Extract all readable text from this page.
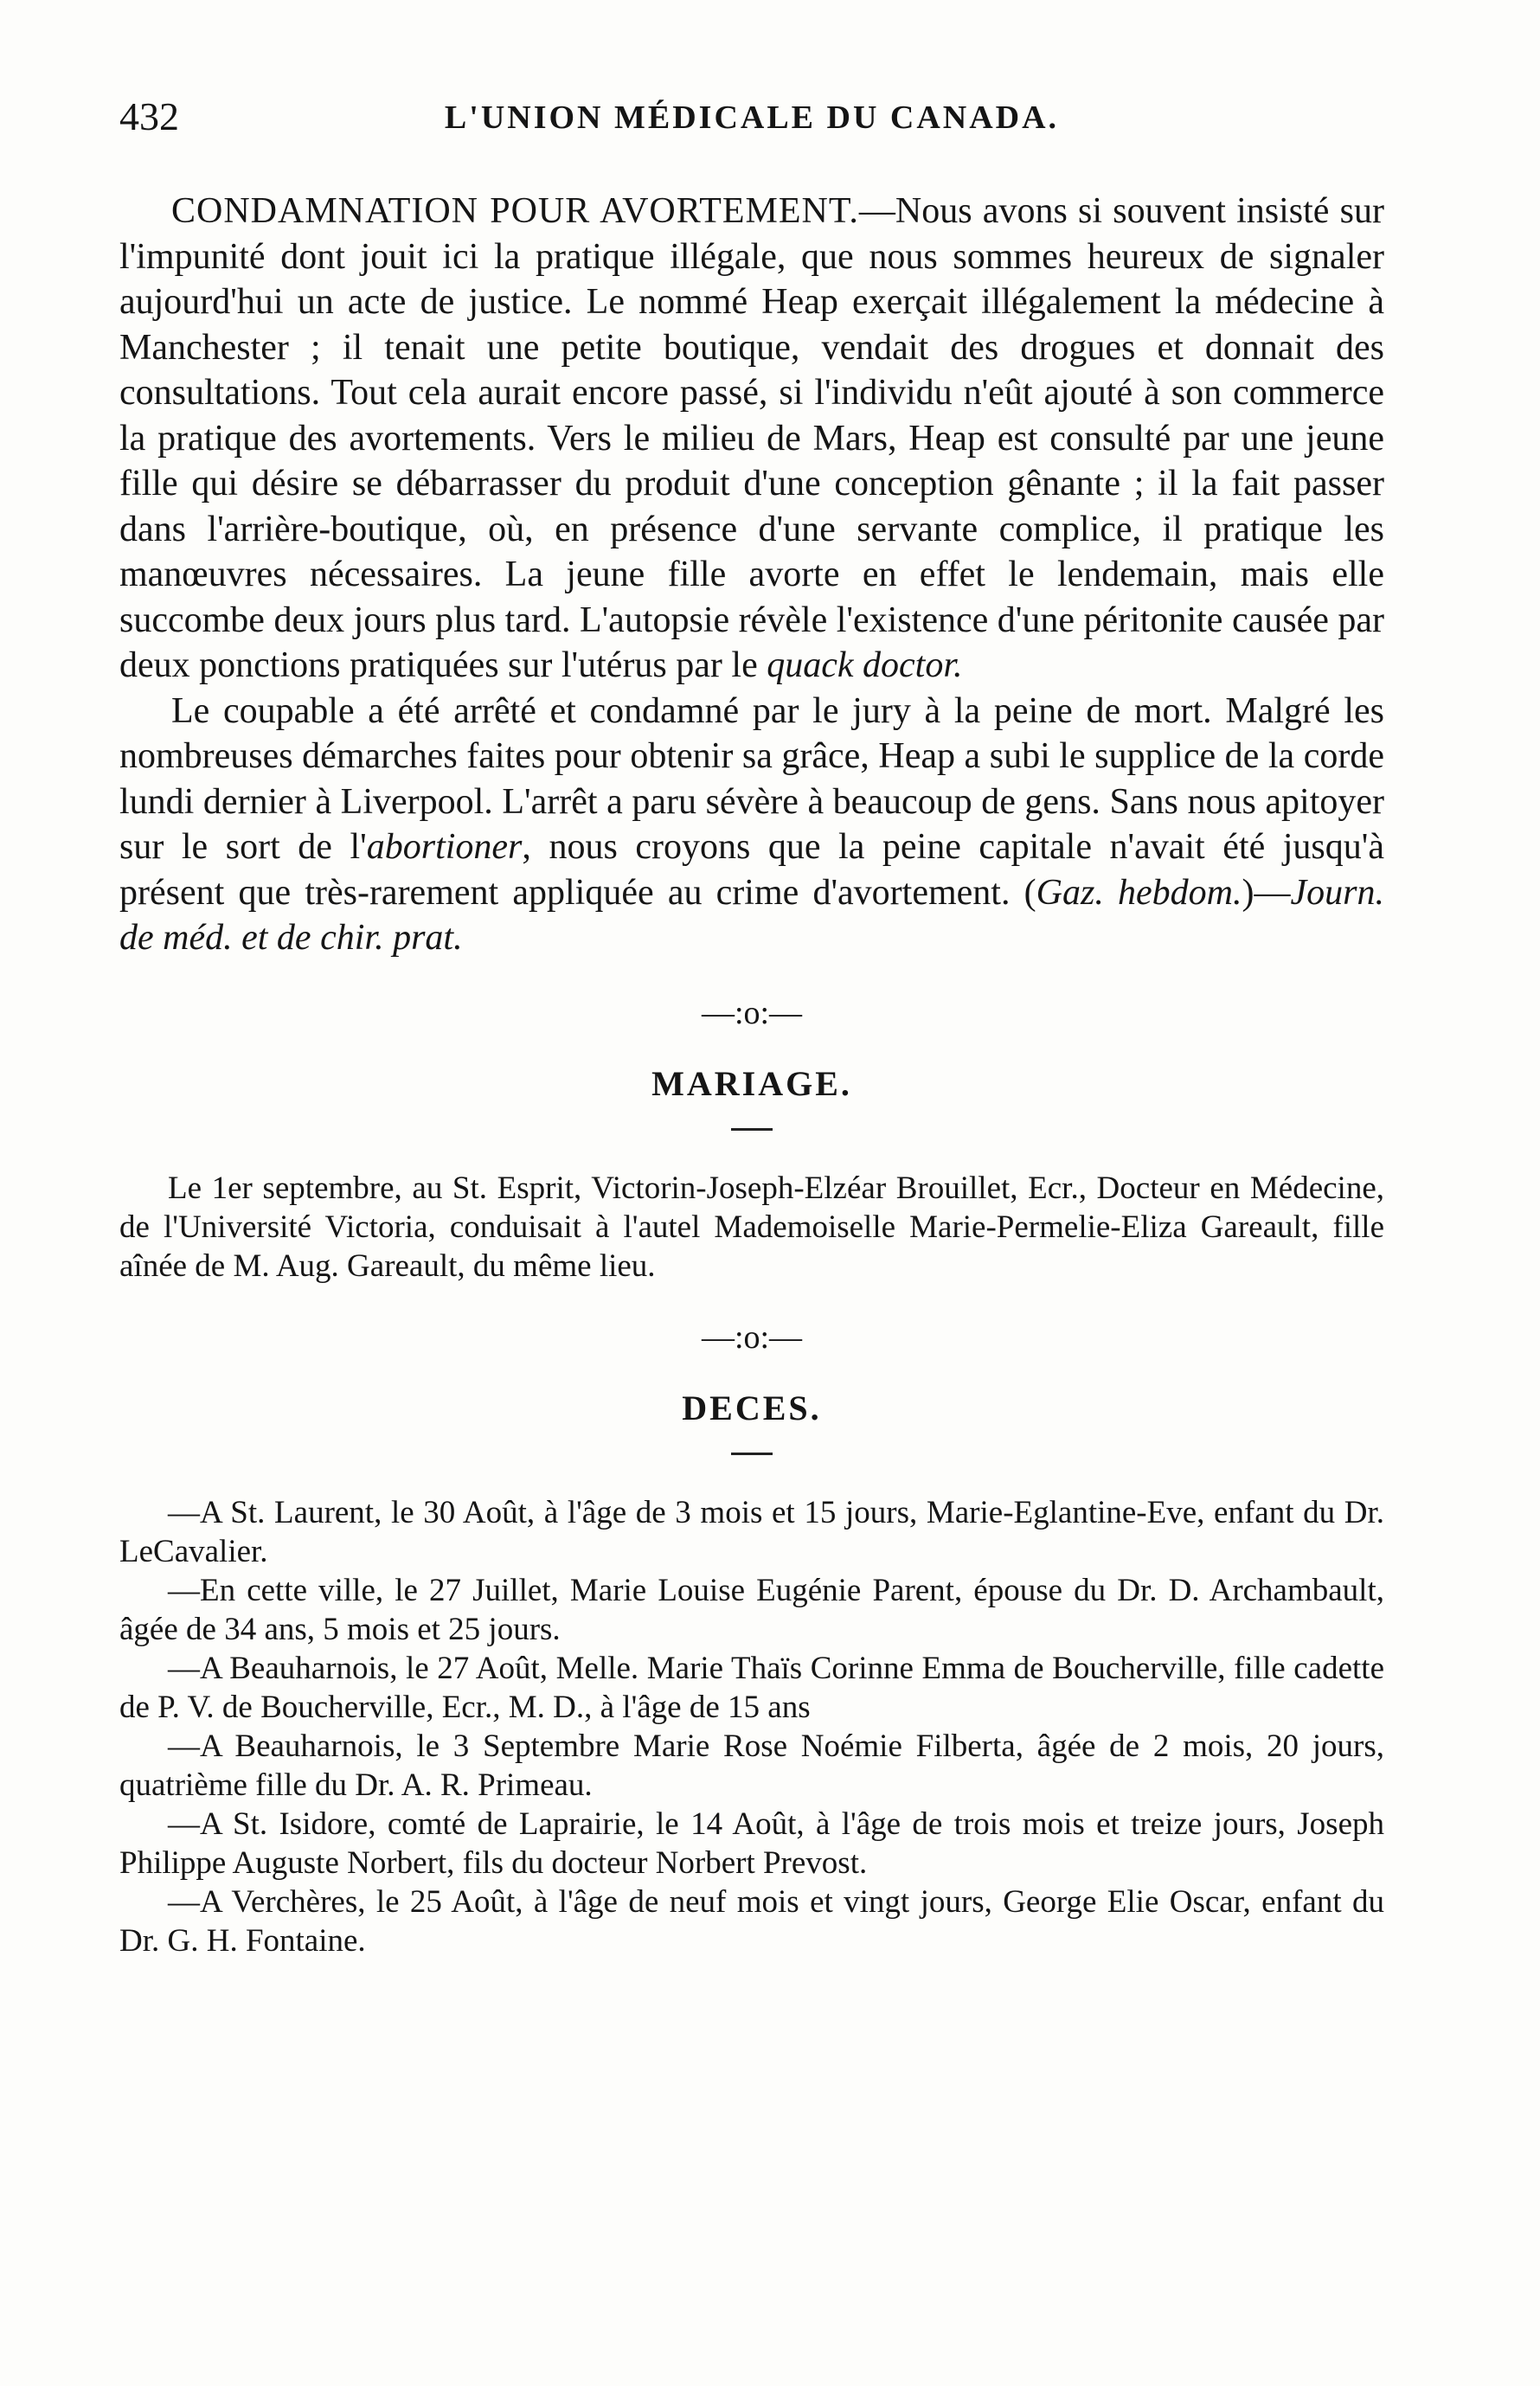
432	L'UNION MÉDICALE DU CANADA.

CONDAMNATION POUR AVORTEMENT.—Nous avons si souvent insisté sur l'impunité dont jouit ici la pratique illégale, que nous sommes heureux de signaler aujourd'hui un acte de justice. Le nommé Heap exerçait illégalement la médecine à Manchester ; il tenait une petite boutique, vendait des drogues et donnait des consultations. Tout cela aurait encore passé, si l'individu n'eût ajouté à son commerce la pratique des avortements. Vers le milieu de Mars, Heap est consulté par une jeune fille qui désire se débarrasser du produit d'une conception gênante ; il la fait passer dans l'arrière-boutique, où, en présence d'une servante complice, il pratique les manœuvres nécessaires. La jeune fille avorte en effet le lendemain, mais elle succombe deux jours plus tard. L'autopsie révèle l'existence d'une péritonite causée par deux ponctions pratiquées sur l'utérus par le quack doctor.

Le coupable a été arrêté et condamné par le jury à la peine de mort. Malgré les nombreuses démarches faites pour obtenir sa grâce, Heap a subi le supplice de la corde lundi dernier à Liverpool. L'arrêt a paru sévère à beaucoup de gens. Sans nous apitoyer sur le sort de l'abortioner, nous croyons que la peine capitale n'avait été jusqu'à présent que très-rarement appliquée au crime d'avortement. (Gaz. hebdom.)—Journ. de méd. et de chir. prat.

—:o:—
MARIAGE.

Le 1er septembre, au St. Esprit, Victorin-Joseph-Elzéar Brouillet, Ecr., Docteur en Médecine, de l'Université Victoria, conduisait à l'autel Mademoiselle Marie-Permelie-Eliza Gareault, fille aînée de M. Aug. Gareault, du même lieu.

—:o:—
DECES.

—A St. Laurent, le 30 Août, à l'âge de 3 mois et 15 jours, Marie-Eglantine-Eve, enfant du Dr. LeCavalier.

—En cette ville, le 27 Juillet, Marie Louise Eugénie Parent, épouse du Dr. D. Archambault, âgée de 34 ans, 5 mois et 25 jours.

—A Beauharnois, le 27 Août, Melle. Marie Thaïs Corinne Emma de Boucherville, fille cadette de P. V. de Boucherville, Ecr., M. D., à l'âge de 15 ans

—A Beauharnois, le 3 Septembre Marie Rose Noémie Filberta, âgée de 2 mois, 20 jours, quatrième fille du Dr. A. R. Primeau.

—A St. Isidore, comté de Laprairie, le 14 Août, à l'âge de trois mois et treize jours, Joseph Philippe Auguste Norbert, fils du docteur Norbert Prevost.

—A Verchères, le 25 Août, à l'âge de neuf mois et vingt jours, George Elie Oscar, enfant du Dr. G. H. Fontaine.
